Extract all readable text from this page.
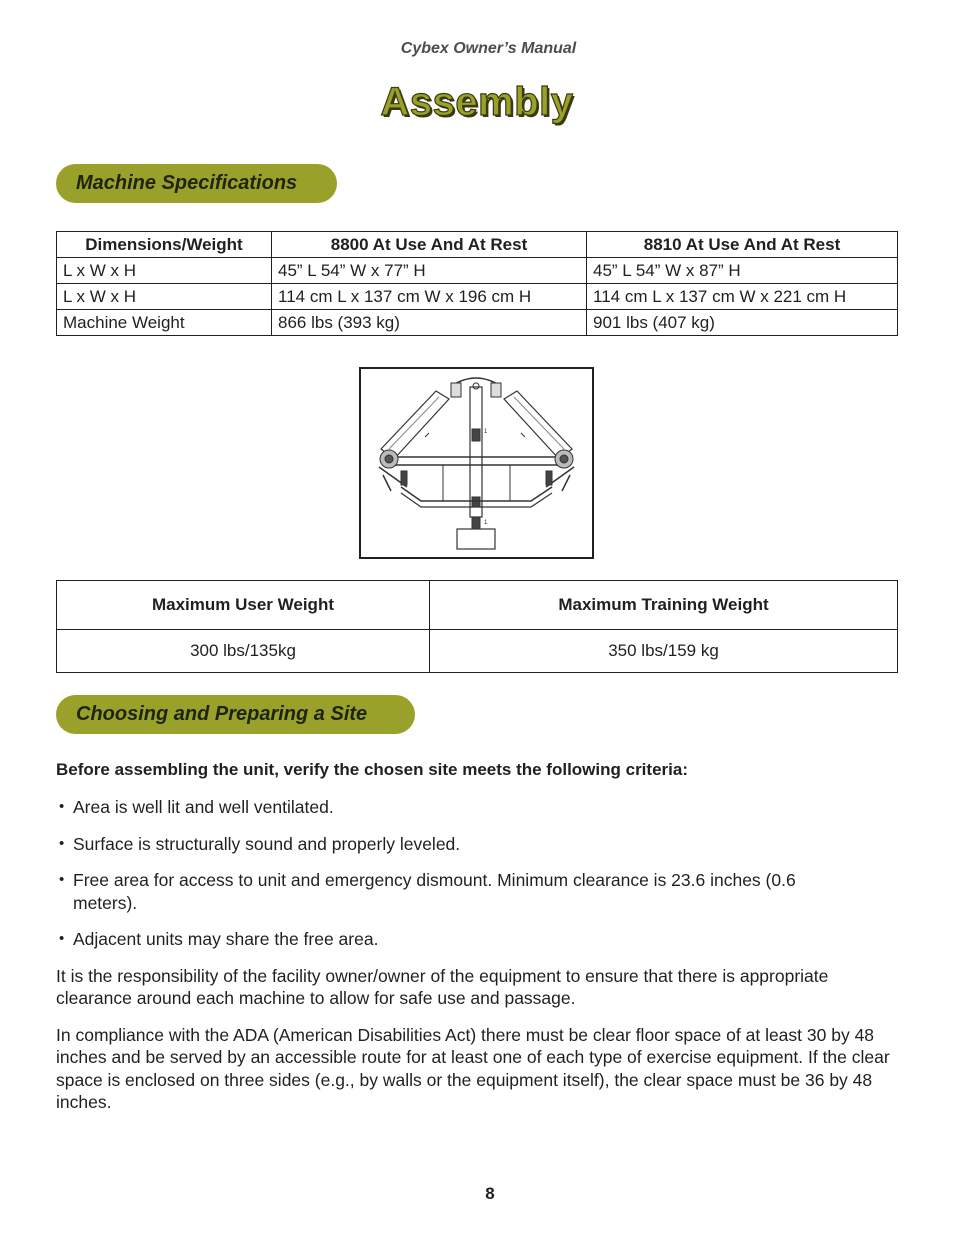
Cybex Owner’s Manual
Assembly
Machine Specifications
Dimensions/Weight	8800 At Use And At Rest	8810 At Use And At Rest
L x W x H	45” L 54” W x 77” H	45” L 54” W x 87” H
L x W x H	114 cm L x 137 cm W x 196 cm H	114 cm L x 137 cm W x 221 cm H
Machine Weight	866 lbs (393 kg)	901 lbs (407 kg)
1
1
Maximum User Weight	Maximum Training Weight
300 lbs/135kg	350 lbs/159 kg
Choosing and Preparing a Site
Before assembling the unit, verify the chosen site meets the following criteria:
• Area is well lit and well ventilated.
• Surface is structurally sound and properly leveled.
• Free area for access to unit and emergency dismount. Minimum clearance is 23.6 inches (0.6 meters).
• Adjacent units may share the free area.

It is the responsibility of the facility owner/owner of the equipment to ensure that there is appropriate clearance around each machine to allow for safe use and passage.

In compliance with the ADA (American Disabilities Act) there must be clear floor space of at least 30 by 48 inches and be served by an accessible route for at least one of each type of exercise equipment. If the clear space is enclosed on three sides (e.g., by walls or the equipment itself), the clear space must be 36 by 48 inches.

8
